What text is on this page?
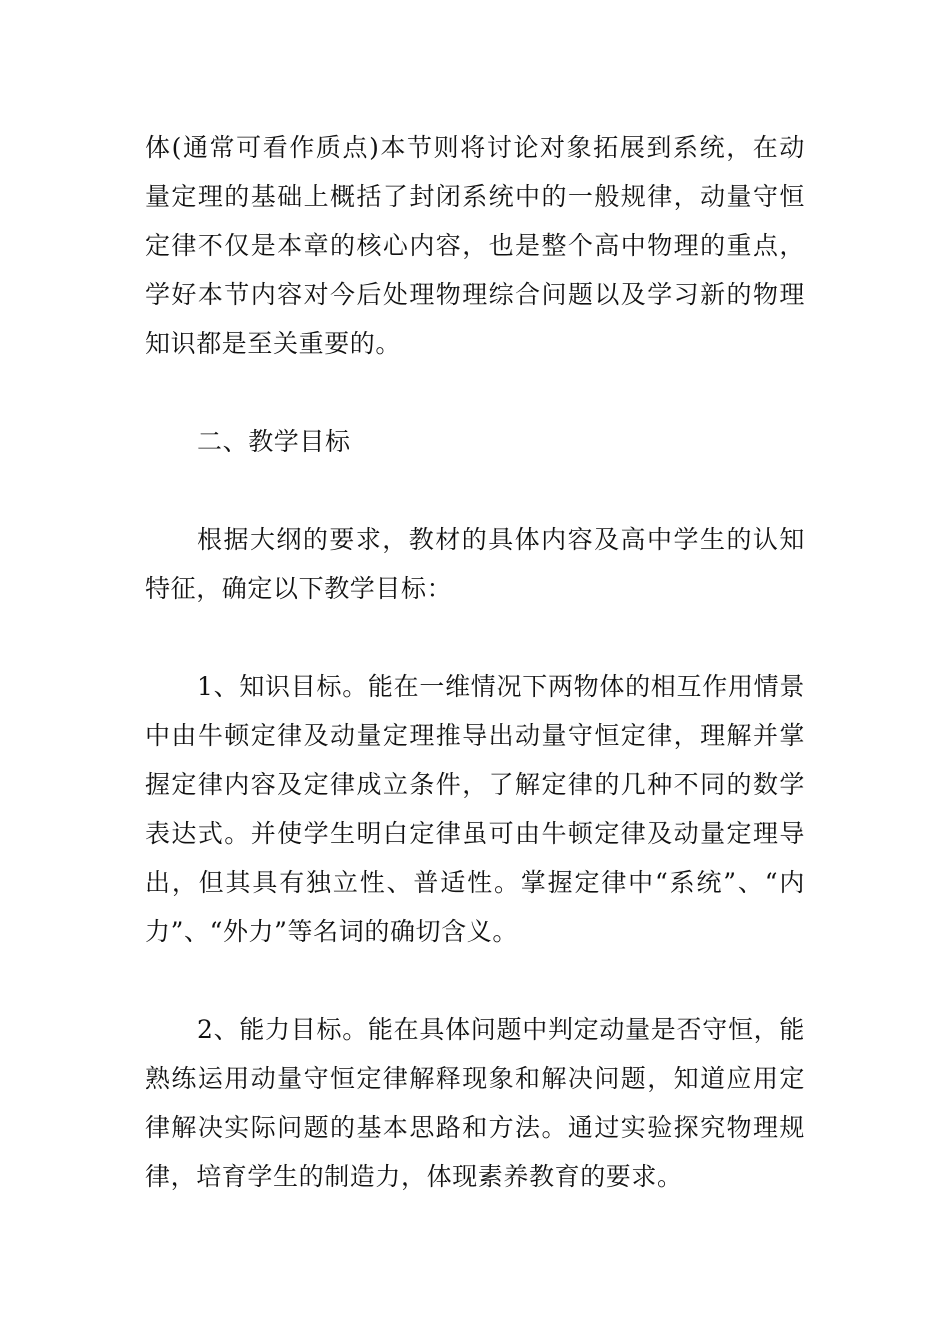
体(通常可看作质点)本节则将讨论对象拓展到系统，在动量定理的基础上概括了封闭系统中的一般规律，动量守恒定律不仅是本章的核心内容，也是整个高中物理的重点，学好本节内容对今后处理物理综合问题以及学习新的物理知识都是至关重要的。

二、教学目标

根据大纲的要求，教材的具体内容及高中学生的认知特征，确定以下教学目标：

1、知识目标。能在一维情况下两物体的相互作用情景中由牛顿定律及动量定理推导出动量守恒定律，理解并掌握定律内容及定律成立条件，了解定律的几种不同的数学表达式。并使学生明白定律虽可由牛顿定律及动量定理导出，但其具有独立性、普适性。掌握定律中“系统”、“内力”、“外力”等名词的确切含义。

2、能力目标。能在具体问题中判定动量是否守恒，能熟练运用动量守恒定律解释现象和解决问题，知道应用定律解决实际问题的基本思路和方法。通过实验探究物理规律，培育学生的制造力，体现素养教育的要求。
